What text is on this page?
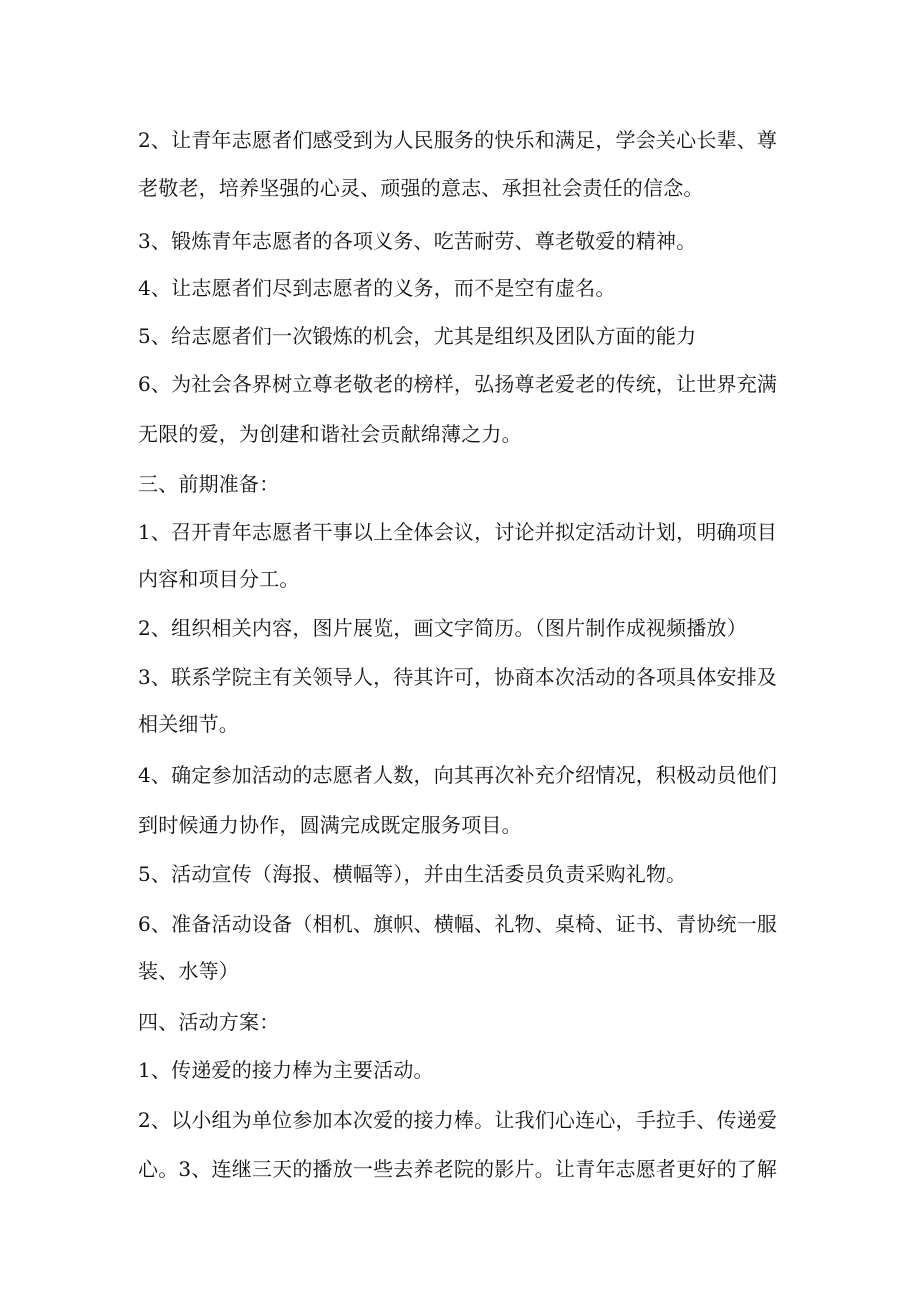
2、让青年志愿者们感受到为人民服务的快乐和满足，学会关心长辈、尊
老敬老，培养坚强的心灵、顽强的意志、承担社会责任的信念。
3、锻炼青年志愿者的各项义务、吃苦耐劳、尊老敬爱的精神。
4、让志愿者们尽到志愿者的义务，而不是空有虚名。
5、给志愿者们一次锻炼的机会，尤其是组织及团队方面的能力
6、为社会各界树立尊老敬老的榜样，弘扬尊老爱老的传统，让世界充满
无限的爱，为创建和谐社会贡献绵薄之力。
三、前期准备：
1、召开青年志愿者干事以上全体会议，讨论并拟定活动计划，明确项目
内容和项目分工。
2、组织相关内容，图片展览，画文字简历。（图片制作成视频播放）
3、联系学院主有关领导人，待其许可，协商本次活动的各项具体安排及
相关细节。
4、确定参加活动的志愿者人数，向其再次补充介绍情况，积极动员他们
到时候通力协作，圆满完成既定服务项目。
5、活动宣传（海报、横幅等），并由生活委员负责采购礼物。
6、准备活动设备（相机、旗帜、横幅、礼物、桌椅、证书、青协统一服
装、水等）
四、活动方案：
1、传递爱的接力棒为主要活动。
2、以小组为单位参加本次爱的接力棒。让我们心连心，手拉手、传递爱
心。3、连继三天的播放一些去养老院的影片。让青年志愿者更好的了解
